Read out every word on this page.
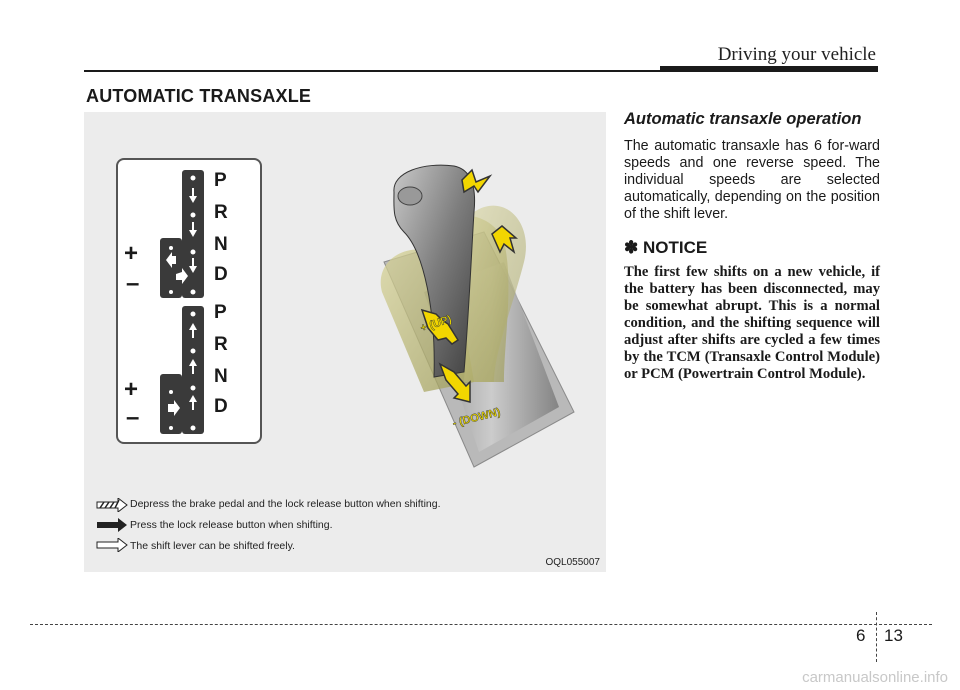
Driving your vehicle
AUTOMATIC TRANSAXLE
P
R
N
D
+
–
P
R
N
D
+
–
+ (UP)
- (DOWN)
Depress the brake pedal and the lock release button when shifting.
Press the lock release button when shifting.
The shift lever can be shifted freely.
OQL055007
Automatic transaxle operation
The automatic transaxle has 6 for-ward speeds and one reverse speed. The individual speeds are selected automatically, depending on the position of the shift lever.
✽ NOTICE
The first few shifts on a new vehicle, if the battery has been disconnected, may be somewhat abrupt. This is a normal condition, and the shifting sequence will adjust after shifts are cycled a few times by the TCM (Transaxle Control Module) or PCM (Powertrain Control Module).
6 13
carmanualsonline.info
